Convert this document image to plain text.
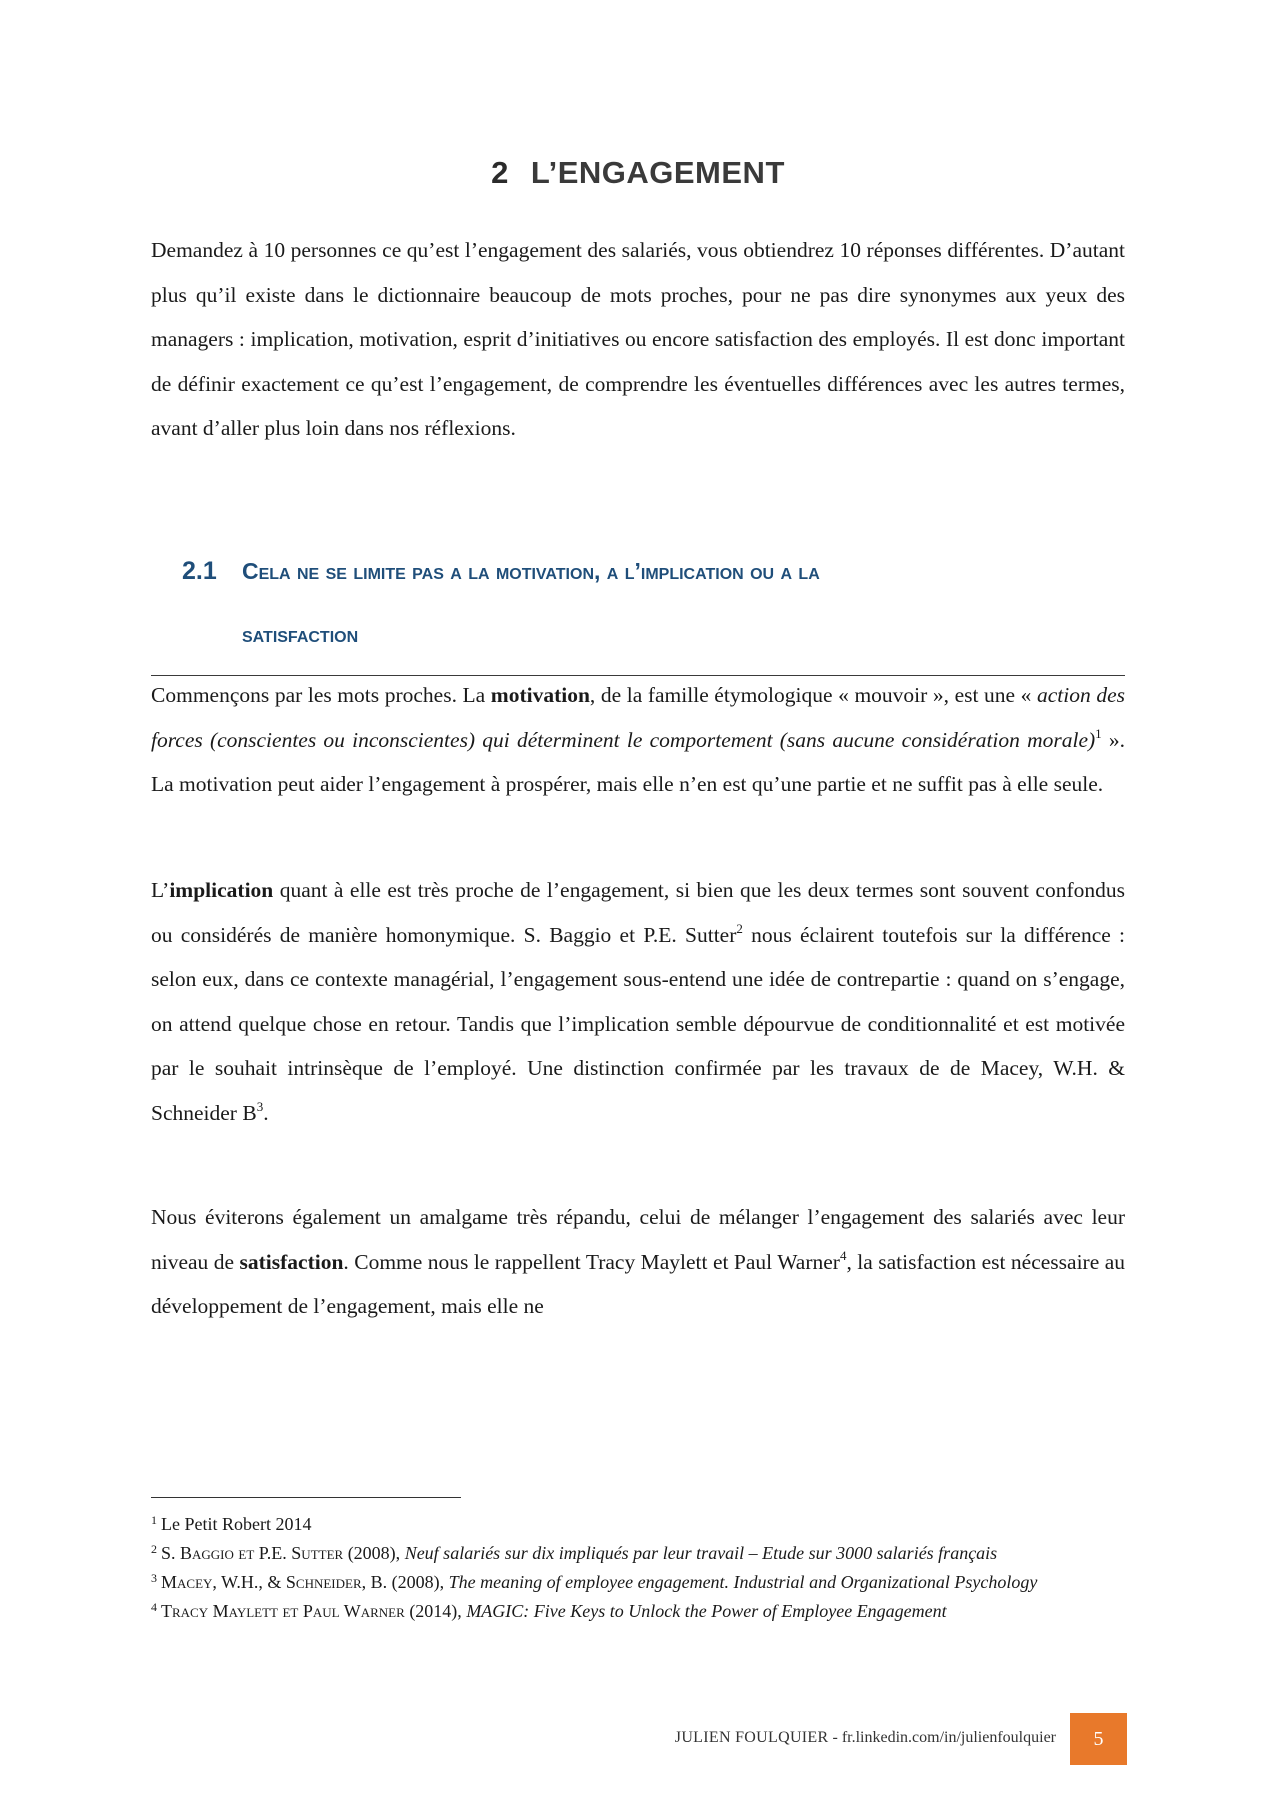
2 L’ENGAGEMENT

Demandez à 10 personnes ce qu’est l’engagement des salariés, vous obtiendrez 10 réponses différentes. D’autant plus qu’il existe dans le dictionnaire beaucoup de mots proches, pour ne pas dire synonymes aux yeux des managers : implication, motivation, esprit d’initiatives ou encore satisfaction des employés. Il est donc important de définir exactement ce qu’est l’engagement, de comprendre les éventuelles différences avec les autres termes, avant d’aller plus loin dans nos réflexions.

2.1 Cela ne se limite pas a la motivation, a l’implication ou a la
satisfaction

Commençons par les mots proches. La motivation, de la famille étymologique « mouvoir », est une « action des forces (conscientes ou inconscientes) qui déterminent le comportement (sans aucune considération morale)$^1$ ». La motivation peut aider l’engagement à prospérer, mais elle n’en est qu’une partie et ne suffit pas à elle seule.

L’implication quant à elle est très proche de l’engagement, si bien que les deux termes sont souvent confondus ou considérés de manière homonymique. S. Baggio et P.E. Sutter$^2$ nous éclairent toutefois sur la différence : selon eux, dans ce contexte managérial, l’engagement sous-entend une idée de contrepartie : quand on s’engage, on attend quelque chose en retour. Tandis que l’implication semble dépourvue de conditionnalité et est motivée par le souhait intrinsèque de l’employé. Une distinction confirmée par les travaux de de Macey, W.H. & Schneider $B^3$.

Nous éviterons également un amalgame très répandu, celui de mélanger l’engagement des salariés avec leur niveau de satisfaction. Comme nous le rappellent Tracy Maylett et Paul Warner$^4$, la satisfaction est nécessaire au développement de l’engagement, mais elle ne

$^1$ Le Petit Robert 2014

$^2$ S. Baggio et P.E. Sutter (2008), Neuf salariés sur dix impliqués par leur travail – Etude sur 3000 salariés français

$^3$ Macey, W.H., & Schneider, B. (2008), The meaning of employee engagement. Industrial and Organizational Psychology

$^4$ Tracy Maylett et Paul Warner (2014), MAGIC: Five Keys to Unlock the Power of Employee Engagement

JULIEN FOULQUIER - fr.linkedin.com/in/julienfoulquier	5
